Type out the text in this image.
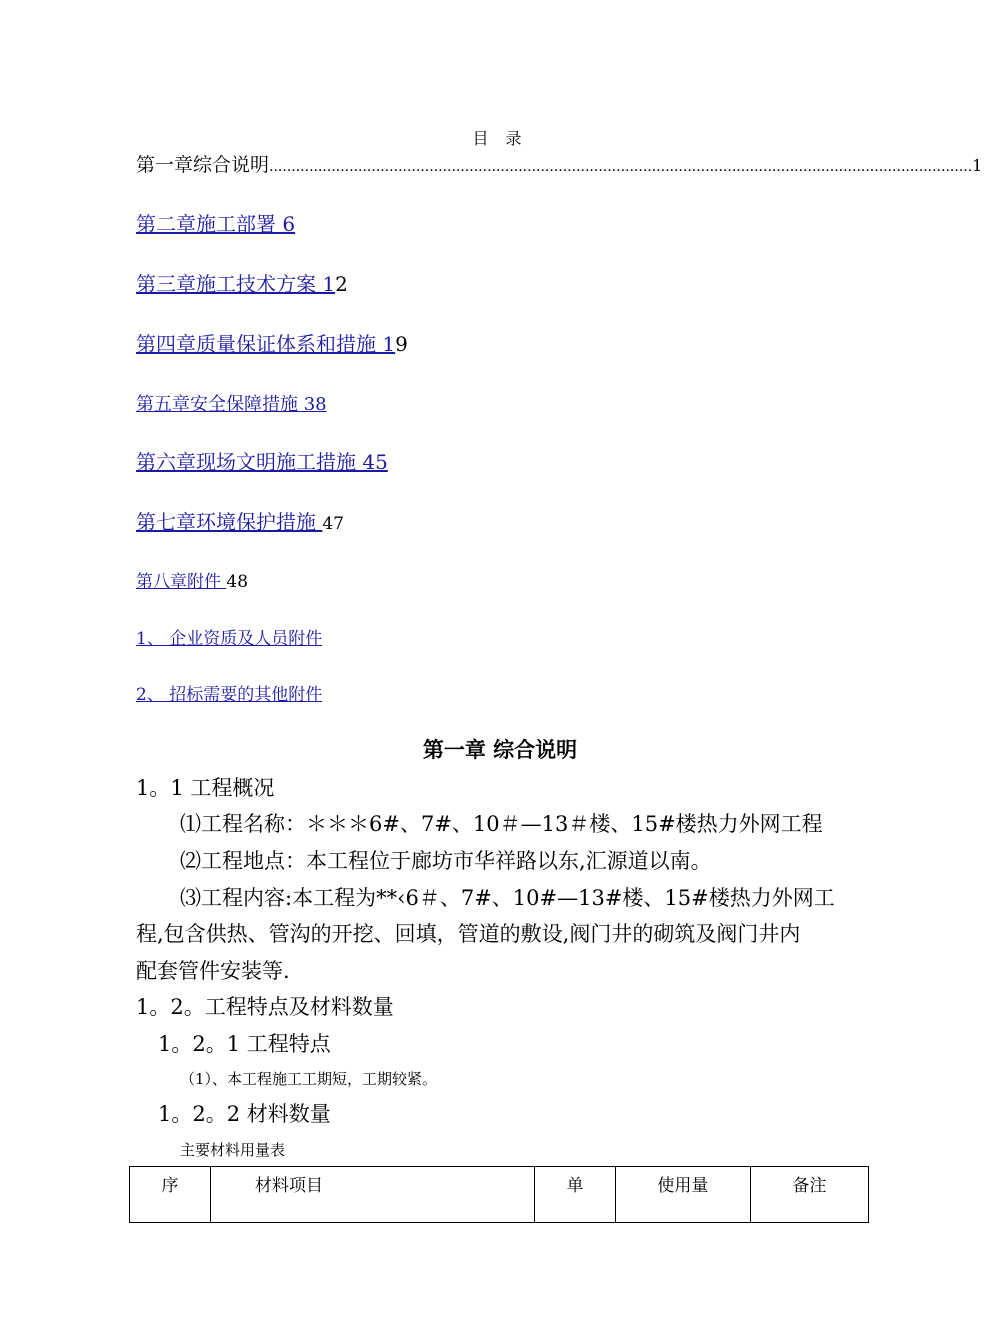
目 录
第一章综合说明 .............................................................................................................................................................. 1
第二章施工部署 6
第三章施工技术方案 12
第四章质量保证体系和措施 19
第五章安全保障措施 38
第六章现场文明施工措施 45
第七章环境保护措施 47
第八章附件 48
1、 企业资质及人员附件
2、 招标需要的其他附件
第一章 综合说明
1。1 工程概况
⑴工程名称：＊＊＊6#、7#、10＃—13＃楼、15#楼热力外网工程
⑵工程地点：本工程位于廊坊市华祥路以东,汇源道以南。
⑶工程内容:本工程为**‹6＃、7#、10#—13#楼、15#楼热力外网工
程,包含供热、管沟的开挖、回填，管道的敷设,阀门井的砌筑及阀门井内
配套管件安装等.
1。2。工程特点及材料数量
1。2。1 工程特点
（1）、本工程施工工期短，工期较紧。
1。2。2 材料数量
主要材料用量表
序	材料项目	单	使用量	备注
